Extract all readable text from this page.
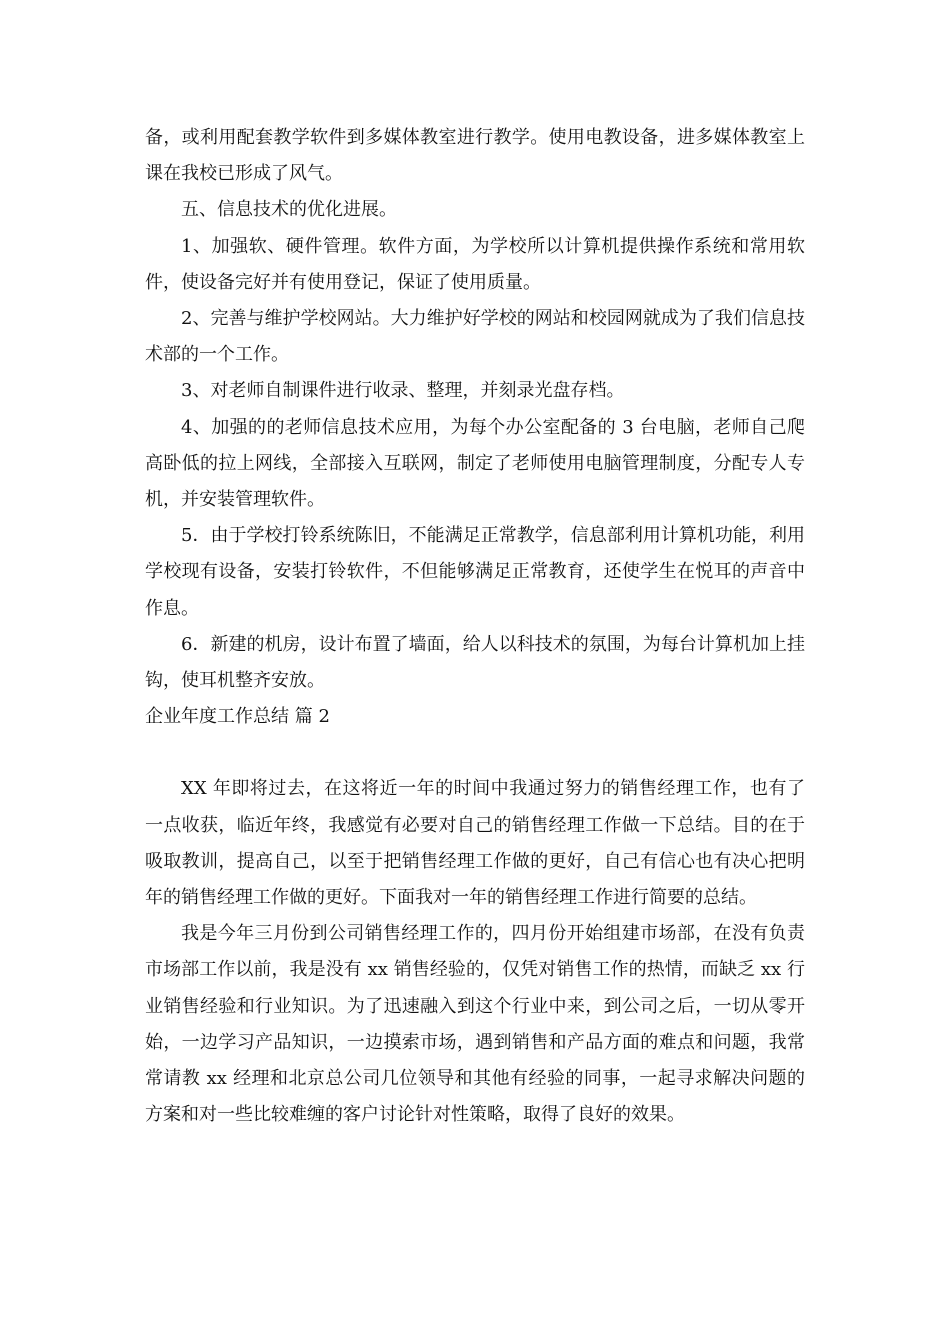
备，或利用配套教学软件到多媒体教室进行教学。使用电教设备，进多媒体教室上课在我校已形成了风气。

五、信息技术的优化进展。

1、加强软、硬件管理。软件方面，为学校所以计算机提供操作系统和常用软件，使设备完好并有使用登记，保证了使用质量。

2、完善与维护学校网站。大力维护好学校的网站和校园网就成为了我们信息技术部的一个工作。

3、对老师自制课件进行收录、整理，并刻录光盘存档。

4、加强的的老师信息技术应用，为每个办公室配备的 3 台电脑，老师自己爬高卧低的拉上网线，全部接入互联网，制定了老师使用电脑管理制度，分配专人专机，并安装管理软件。

5．由于学校打铃系统陈旧，不能满足正常教学，信息部利用计算机功能，利用学校现有设备，安装打铃软件，不但能够满足正常教育，还使学生在悦耳的声音中作息。

6．新建的机房，设计布置了墙面，给人以科技术的氛围，为每台计算机加上挂钩，使耳机整齐安放。

企业年度工作总结 篇 2

XX 年即将过去，在这将近一年的时间中我通过努力的销售经理工作，也有了一点收获，临近年终，我感觉有必要对自己的销售经理工作做一下总结。目的在于吸取教训，提高自己，以至于把销售经理工作做的更好，自己有信心也有决心把明年的销售经理工作做的更好。下面我对一年的销售经理工作进行简要的总结。

我是今年三月份到公司销售经理工作的，四月份开始组建市场部，在没有负责市场部工作以前，我是没有 xx 销售经验的，仅凭对销售工作的热情，而缺乏 xx 行业销售经验和行业知识。为了迅速融入到这个行业中来，到公司之后，一切从零开始，一边学习产品知识，一边摸索市场，遇到销售和产品方面的难点和问题，我常常请教 xx 经理和北京总公司几位领导和其他有经验的同事，一起寻求解决问题的方案和对一些比较难缠的客户讨论针对性策略，取得了良好的效果。
